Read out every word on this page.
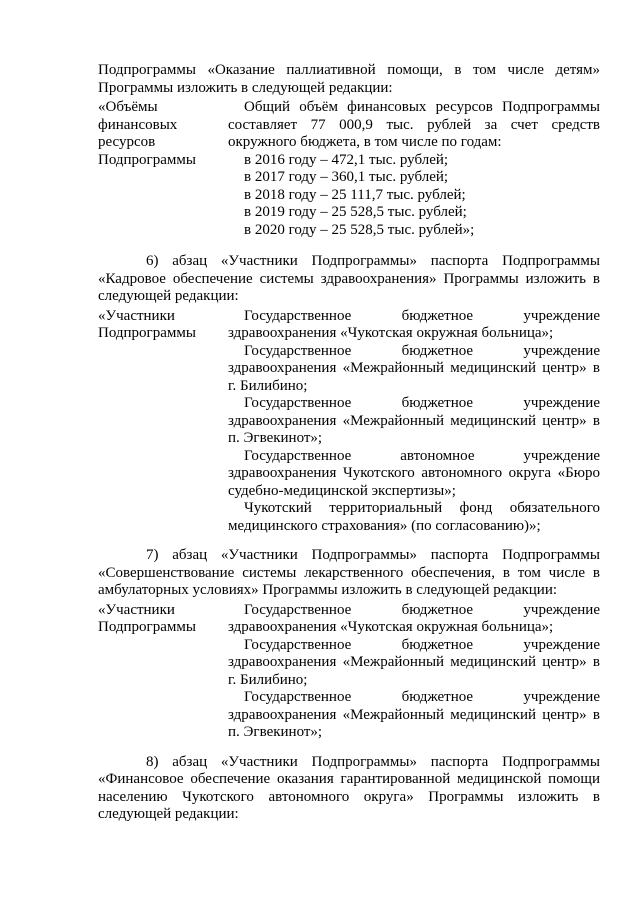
Подпрограммы «Оказание паллиативной помощи, в том числе детям»

Программы изложить в следующей редакции:

«Объёмы
финансовых
ресурсов
Подпрограммы
Общий объём финансовых ресурсов Подпрограммы составляет 77 000,9 тыс. рублей за счет средств окружного бюджета, в том числе по годам:
в 2016 году – 472,1 тыс. рублей;
в 2017 году – 360,1 тыс. рублей;
в 2018 году – 25 111,7 тыс. рублей;
в 2019 году – 25 528,5 тыс. рублей;
в 2020 году – 25 528,5 тыс. рублей»;

6) абзац «Участники Подпрограммы» паспорта Подпрограммы «Кадровое обеспечение системы здравоохранения» Программы изложить в следующей редакции:

«Участники
Подпрограммы
Государственное бюджетное учреждение здравоохранения «Чукотская окружная больница»;
Государственное бюджетное учреждение здравоохранения «Межрайонный медицинский центр» в г. Билибино;
Государственное бюджетное учреждение здравоохранения «Межрайонный медицинский центр» в п. Эгвекинот»;
Государственное автономное учреждение здравоохранения Чукотского автономного округа «Бюро судебно-медицинской экспертизы»;
Чукотский территориальный фонд обязательного медицинского страхования» (по согласованию)»;

7) абзац «Участники Подпрограммы» паспорта Подпрограммы «Совершенствование системы лекарственного обеспечения, в том числе в амбулаторных условиях» Программы изложить в следующей редакции:

«Участники
Подпрограммы
Государственное бюджетное учреждение здравоохранения «Чукотская окружная больница»;
Государственное бюджетное учреждение здравоохранения «Межрайонный медицинский центр» в г. Билибино;
Государственное бюджетное учреждение здравоохранения «Межрайонный медицинский центр» в п. Эгвекинот»;

8) абзац «Участники Подпрограммы» паспорта Подпрограммы «Финансовое обеспечение оказания гарантированной медицинской помощи населению Чукотского автономного округа» Программы изложить в следующей редакции:
